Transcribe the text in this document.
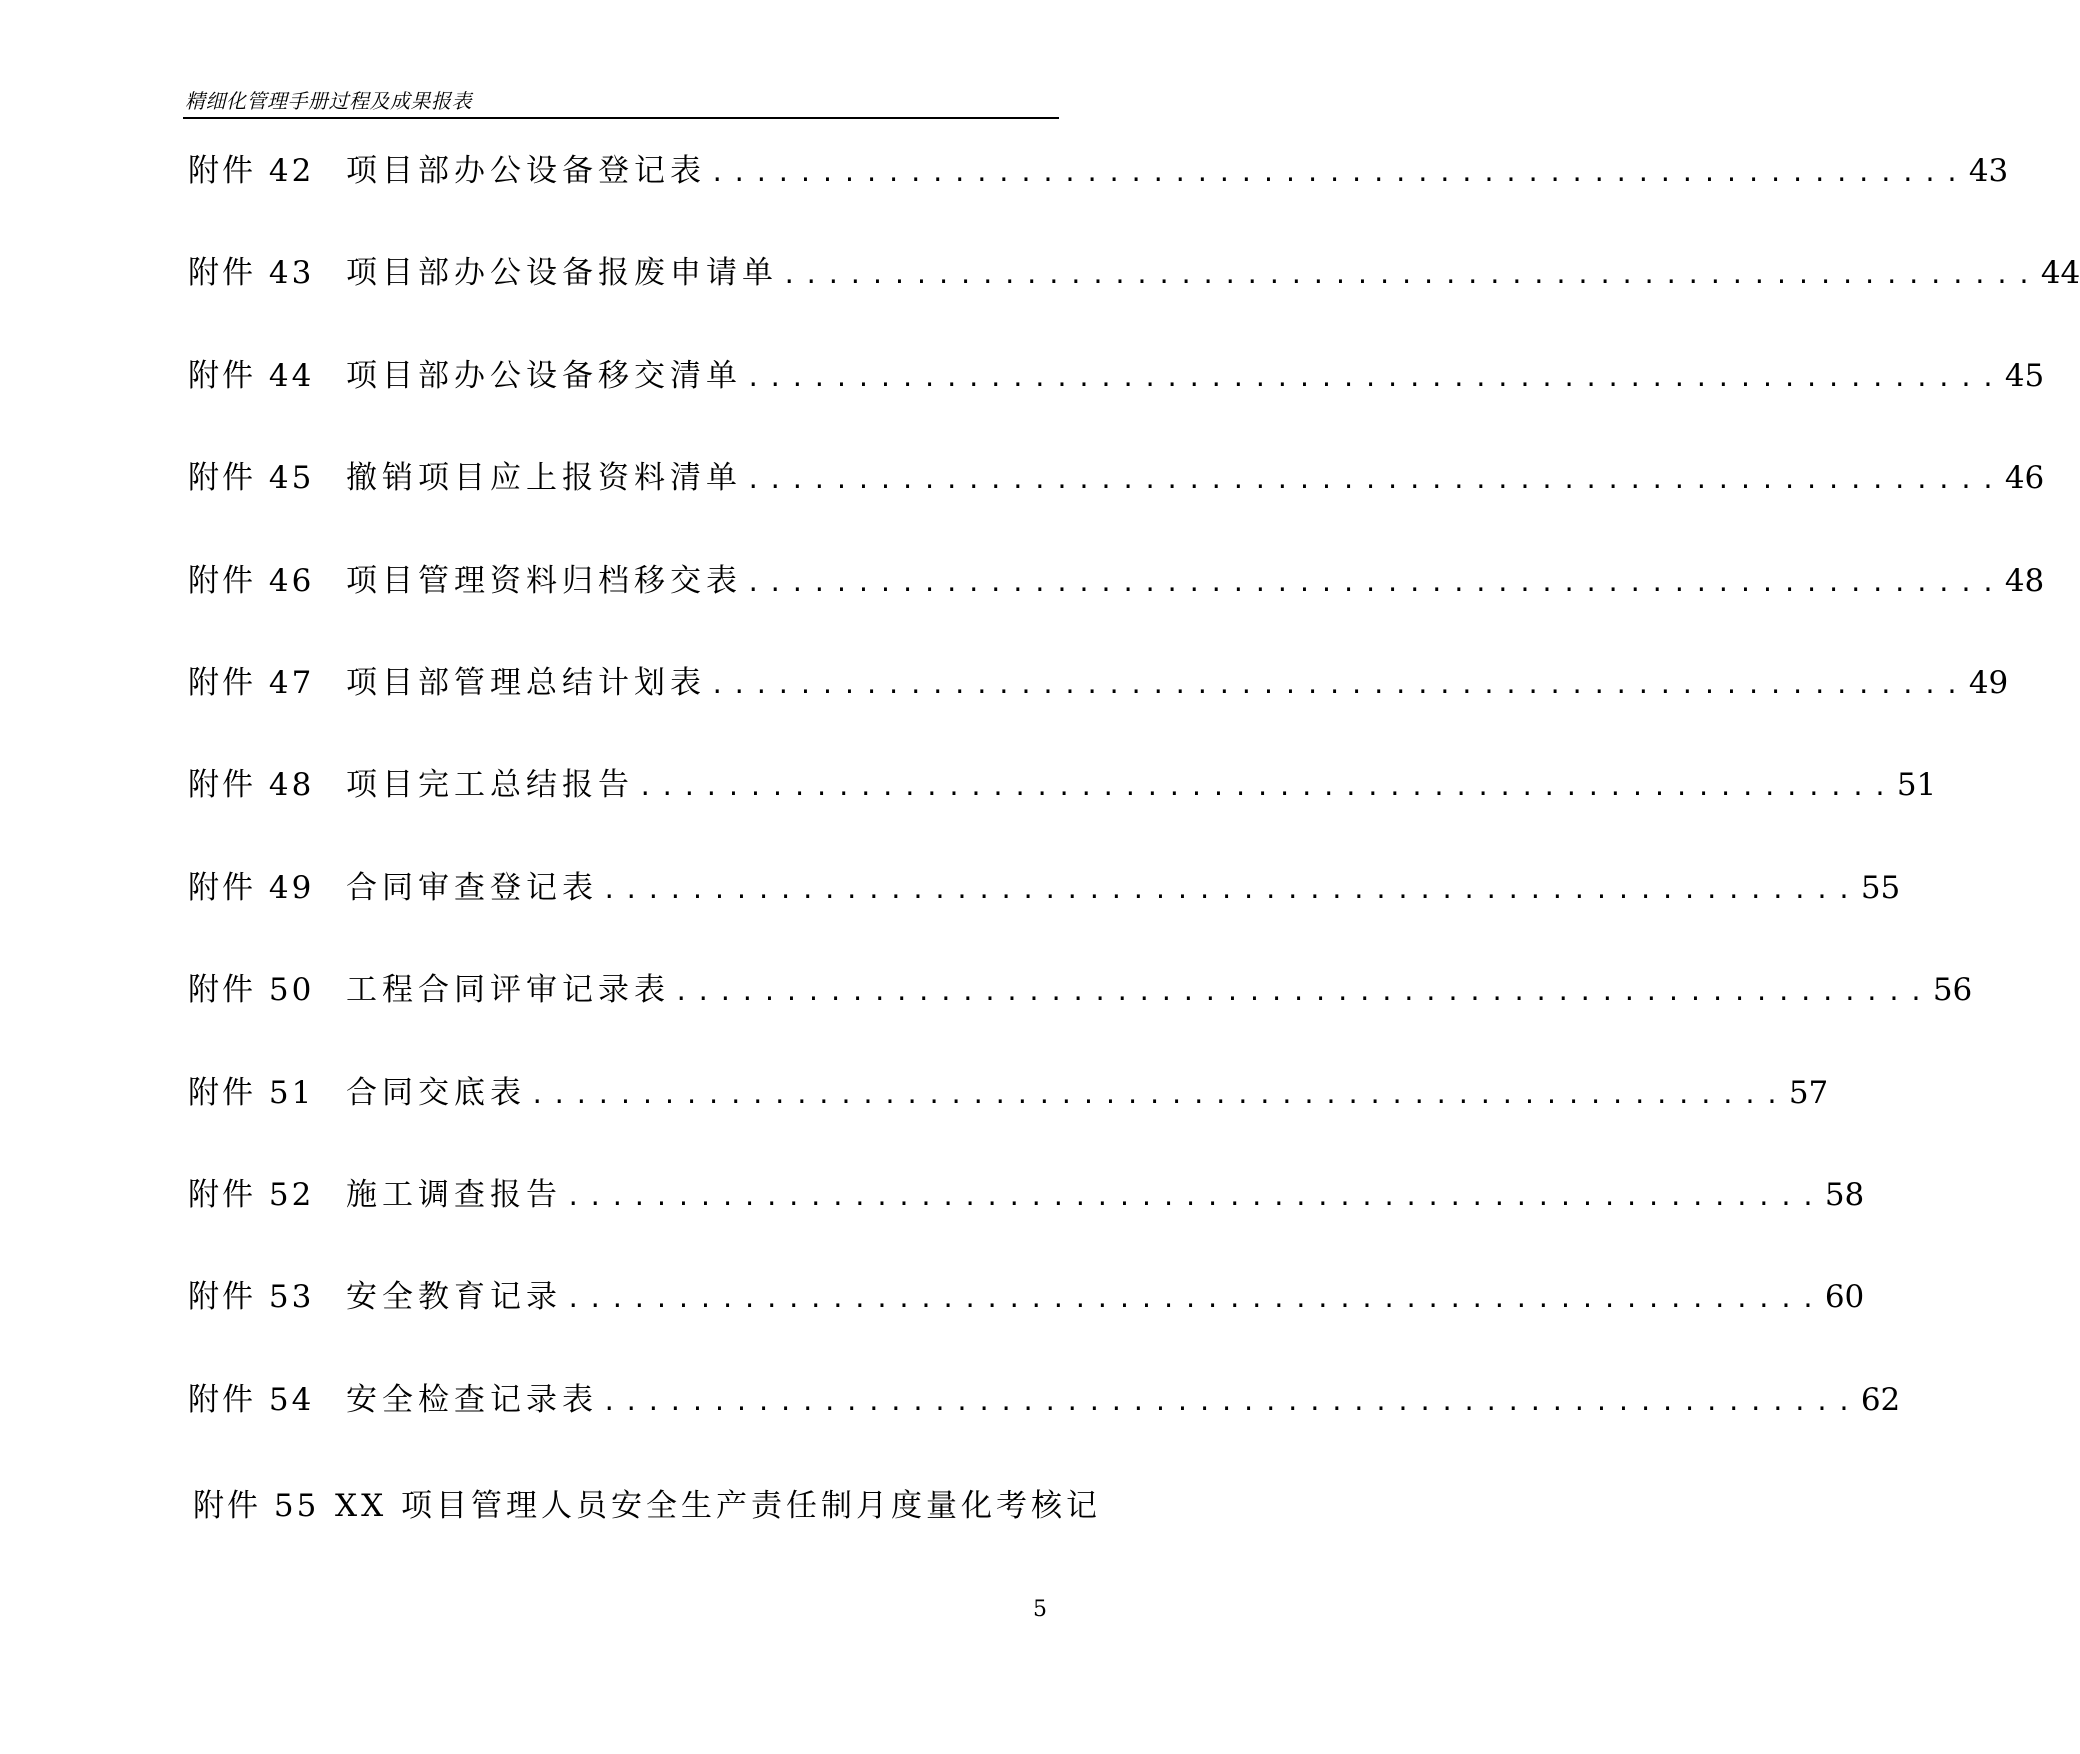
精细化管理手册过程及成果报表
附件 42	项目部办公设备登记表 ......................................................... 43
附件 43	项目部办公设备报废申请单 ......................................................... 44
附件 44	项目部办公设备移交清单 ......................................................... 45
附件 45	撤销项目应上报资料清单 ......................................................... 46
附件 46	项目管理资料归档移交表 ......................................................... 48
附件 47	项目部管理总结计划表 ......................................................... 49
附件 48	项目完工总结报告 ......................................................... 51
附件 49	合同审查登记表 ......................................................... 55
附件 50	工程合同评审记录表 ......................................................... 56
附件 51	合同交底表 ......................................................... 57
附件 52	施工调查报告 ......................................................... 58
附件 53	安全教育记录 ......................................................... 60
附件 54	安全检查记录表 ......................................................... 62
附件 55 XX 项目管理人员安全生产责任制月度量化考核记
5
